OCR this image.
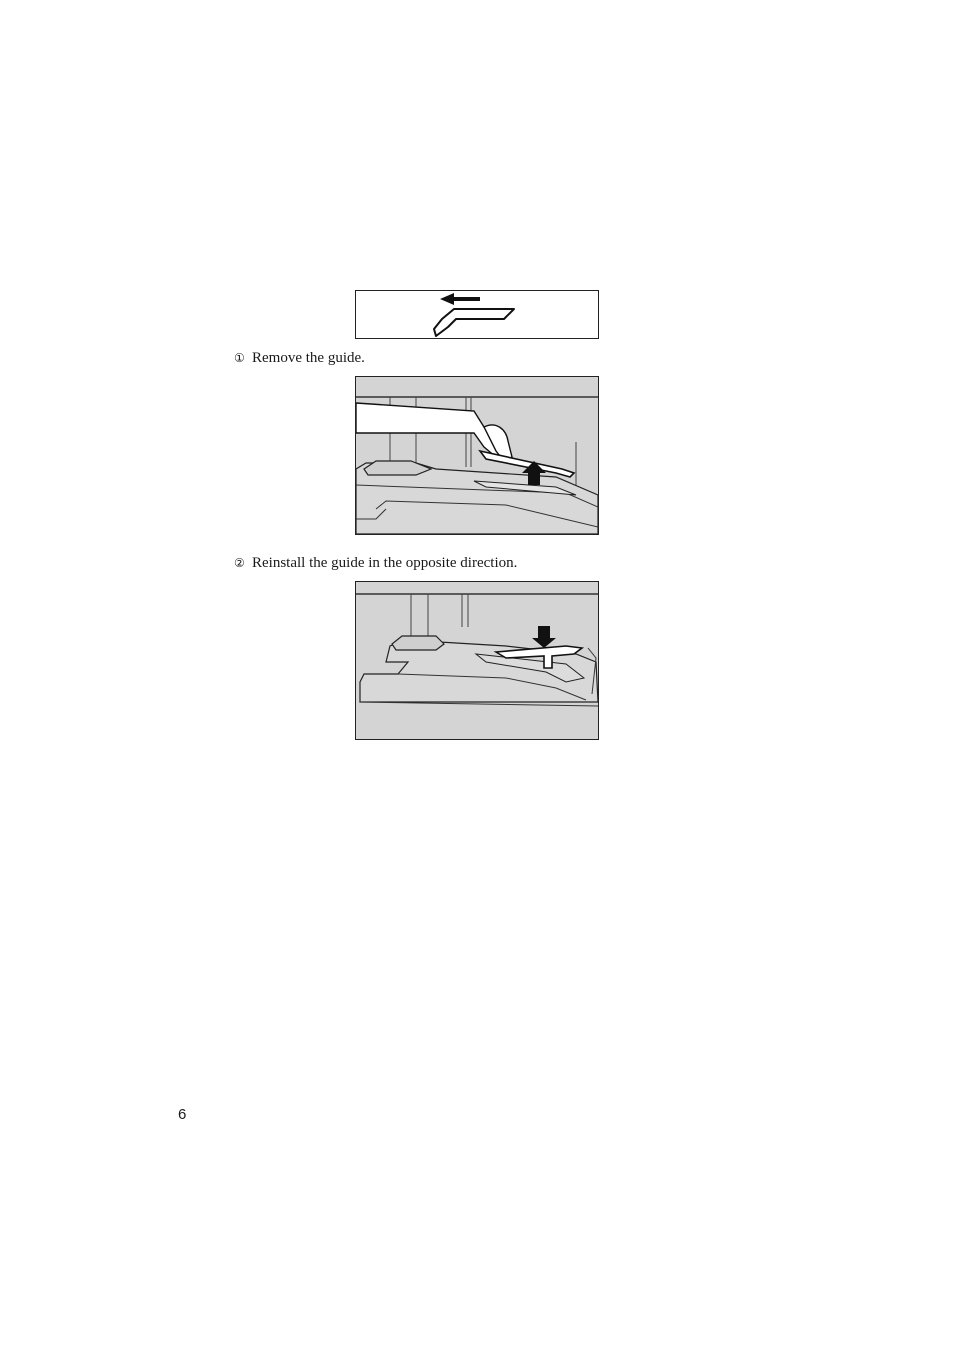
① Remove the guide.
② Reinstall the guide in the opposite direction.
6
